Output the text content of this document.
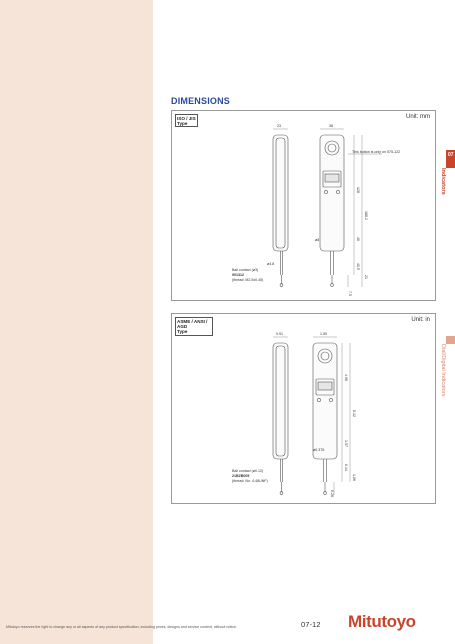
DIMENSIONS
ISO / JIS
Type
Unit: mm
23	38
This button is only on 575-122
128
188.2
ø8	40
40.5
21
7.5
ø4.8
Ball contact (ø3)
901312
(thread: M2.5x0.45)
ASME / ANSI / AGD
Type
Unit: in
0.91	1.50
4.96
8.12
ø0.375
1.57
0.14
1.06
0.28
Ball contact (ø0.12)
21BZB005
(thread: No. 4-48UNF)
Indicators
07
Dial/Digital Indicators
Mitutoyo reserves the right to change any or all aspects of any product specification, including prices, designs and service content, without notice.	07-12 Mitutoyo
